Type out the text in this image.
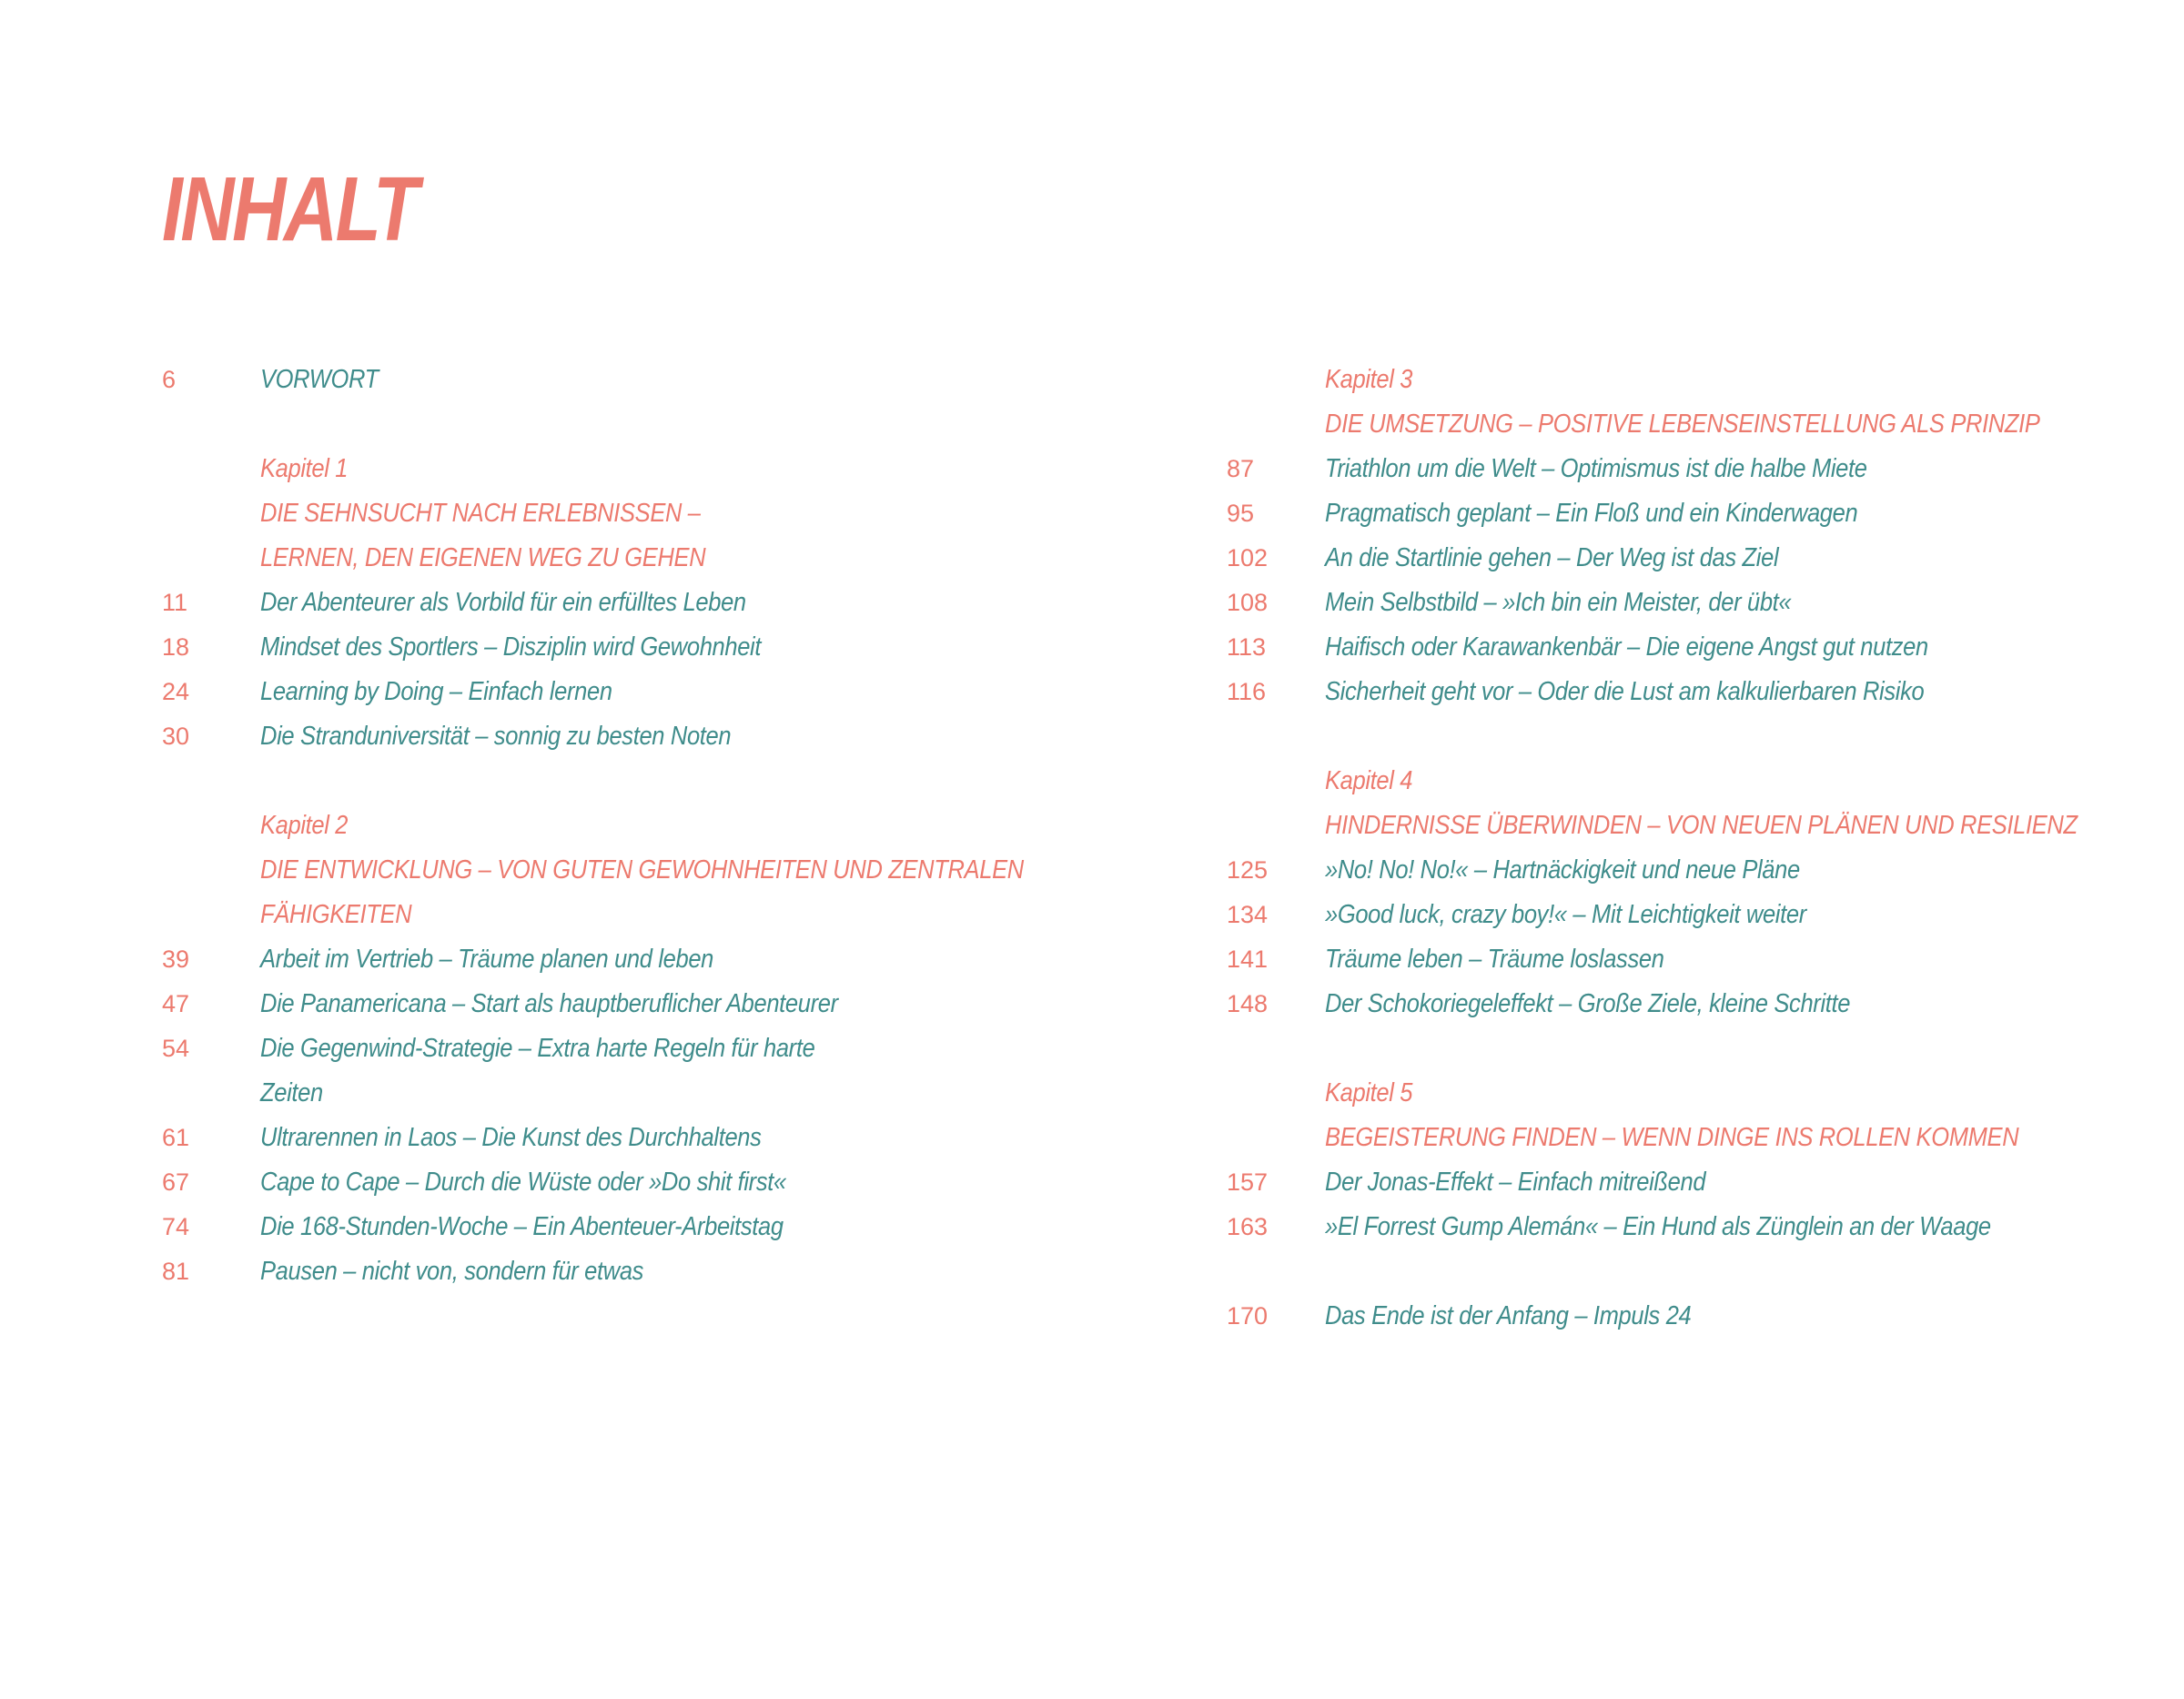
INHALT
6	VORWORT
Kapitel 1
DIE SEHNSUCHT NACH ERLEBNISSEN –
LERNEN, DEN EIGENEN WEG ZU GEHEN
11	Der Abenteurer als Vorbild für ein erfülltes Leben
18	Mindset des Sportlers – Disziplin wird Gewohnheit
24	Learning by Doing – Einfach lernen
30	Die Stranduniversität – sonnig zu besten Noten
Kapitel 2
DIE ENTWICKLUNG – VON GUTEN GEWOHNHEITEN UND ZENTRALEN
FÄHIGKEITEN
39	Arbeit im Vertrieb – Träume planen und leben
47	Die Panamericana – Start als hauptberuflicher Abenteurer
54	Die Gegenwind-Strategie – Extra harte Regeln für harte
Zeiten
61	Ultrarennen in Laos – Die Kunst des Durchhaltens
67	Cape to Cape – Durch die Wüste oder »Do shit first«
74	Die 168-Stunden-Woche – Ein Abenteuer-Arbeitstag
81	Pausen – nicht von, sondern für etwas
Kapitel 3
DIE UMSETZUNG – POSITIVE LEBENSEINSTELLUNG ALS PRINZIP
87	Triathlon um die Welt – Optimismus ist die halbe Miete
95	Pragmatisch geplant – Ein Floß und ein Kinderwagen
102 An die Startlinie gehen – Der Weg ist das Ziel
108 Mein Selbstbild – »Ich bin ein Meister, der übt«
113 Haifisch oder Karawankenbär – Die eigene Angst gut nutzen
116 Sicherheit geht vor – Oder die Lust am kalkulierbaren Risiko
Kapitel 4
HINDERNISSE ÜBERWINDEN – VON NEUEN PLÄNEN UND RESILIENZ
125 »No! No! No!« – Hartnäckigkeit und neue Pläne
134 »Good luck, crazy boy!« – Mit Leichtigkeit weiter
141 Träume leben – Träume loslassen
148 Der Schokoriegeleffekt – Große Ziele, kleine Schritte
Kapitel 5
BEGEISTERUNG FINDEN – WENN DINGE INS ROLLEN KOMMEN
157 Der Jonas-Effekt – Einfach mitreißend
163 »El Forrest Gump Alemán« – Ein Hund als Zünglein an der Waage
170 Das Ende ist der Anfang – Impuls 24
